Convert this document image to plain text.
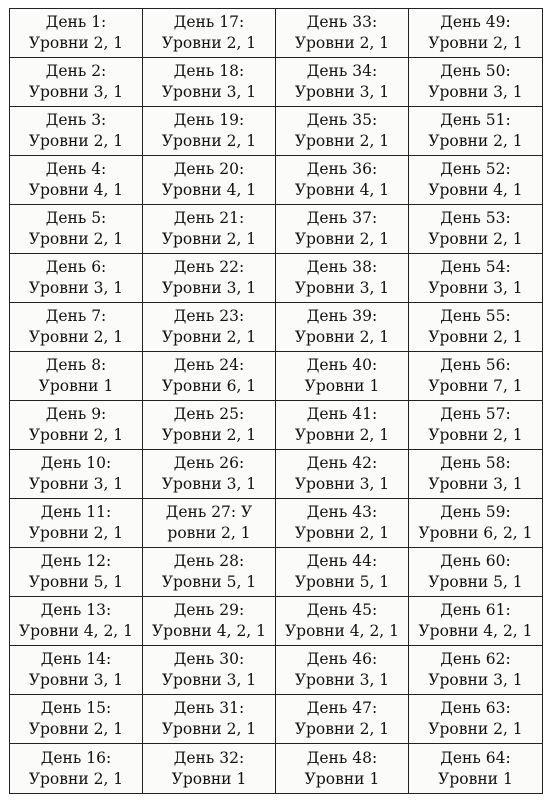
День 1:
Уровни 2, 1
День 17:
Уровни 2, 1
День 33:
Уровни 2, 1
День 49:
Уровни 2, 1
День 2:
Уровни 3, 1
День 18:
Уровни 3, 1
День 34:
Уровни 3, 1
День 50:
Уровни 3, 1
День 3:
Уровни 2, 1
День 19:
Уровни 2, 1
День 35:
Уровни 2, 1
День 51:
Уровни 2, 1
День 4:
Уровни 4, 1
День 20:
Уровни 4, 1
День 36:
Уровни 4, 1
День 52:
Уровни 4, 1
День 5:
Уровни 2, 1
День 21:
Уровни 2, 1
День 37:
Уровни 2, 1
День 53:
Уровни 2, 1
День 6:
Уровни 3, 1
День 22:
Уровни 3, 1
День 38:
Уровни 3, 1
День 54:
Уровни 3, 1
День 7:
Уровни 2, 1
День 23:
Уровни 2, 1
День 39:
Уровни 2, 1
День 55:
Уровни 2, 1
День 8:
Уровни 1
День 24:
Уровни 6, 1
День 40:
Уровни 1
День 56:
Уровни 7, 1
День 9:
Уровни 2, 1
День 25:
Уровни 2, 1
День 41:
Уровни 2, 1
День 57:
Уровни 2, 1
День 10:
Уровни 3, 1
День 26:
Уровни 3, 1
День 42:
Уровни 3, 1
День 58:
Уровни 3, 1
День 11:
Уровни 2, 1
День 27: У
ровни 2, 1
День 43:
Уровни 2, 1
День 59:
Уровни 6, 2, 1
День 12:
Уровни 5, 1
День 28:
Уровни 5, 1
День 44:
Уровни 5, 1
День 60:
Уровни 5, 1
День 13:
Уровни 4, 2, 1
День 29:
Уровни 4, 2, 1
День 45:
Уровни 4, 2, 1
День 61:
Уровни 4, 2, 1
День 14:
Уровни 3, 1
День 30:
Уровни 3, 1
День 46:
Уровни 3, 1
День 62:
Уровни 3, 1
День 15:
Уровни 2, 1
День 31:
Уровни 2, 1
День 47:
Уровни 2, 1
День 63:
Уровни 2, 1
День 16:
Уровни 2, 1
День 32:
Уровни 1
День 48:
Уровни 1
День 64:
Уровни 1
